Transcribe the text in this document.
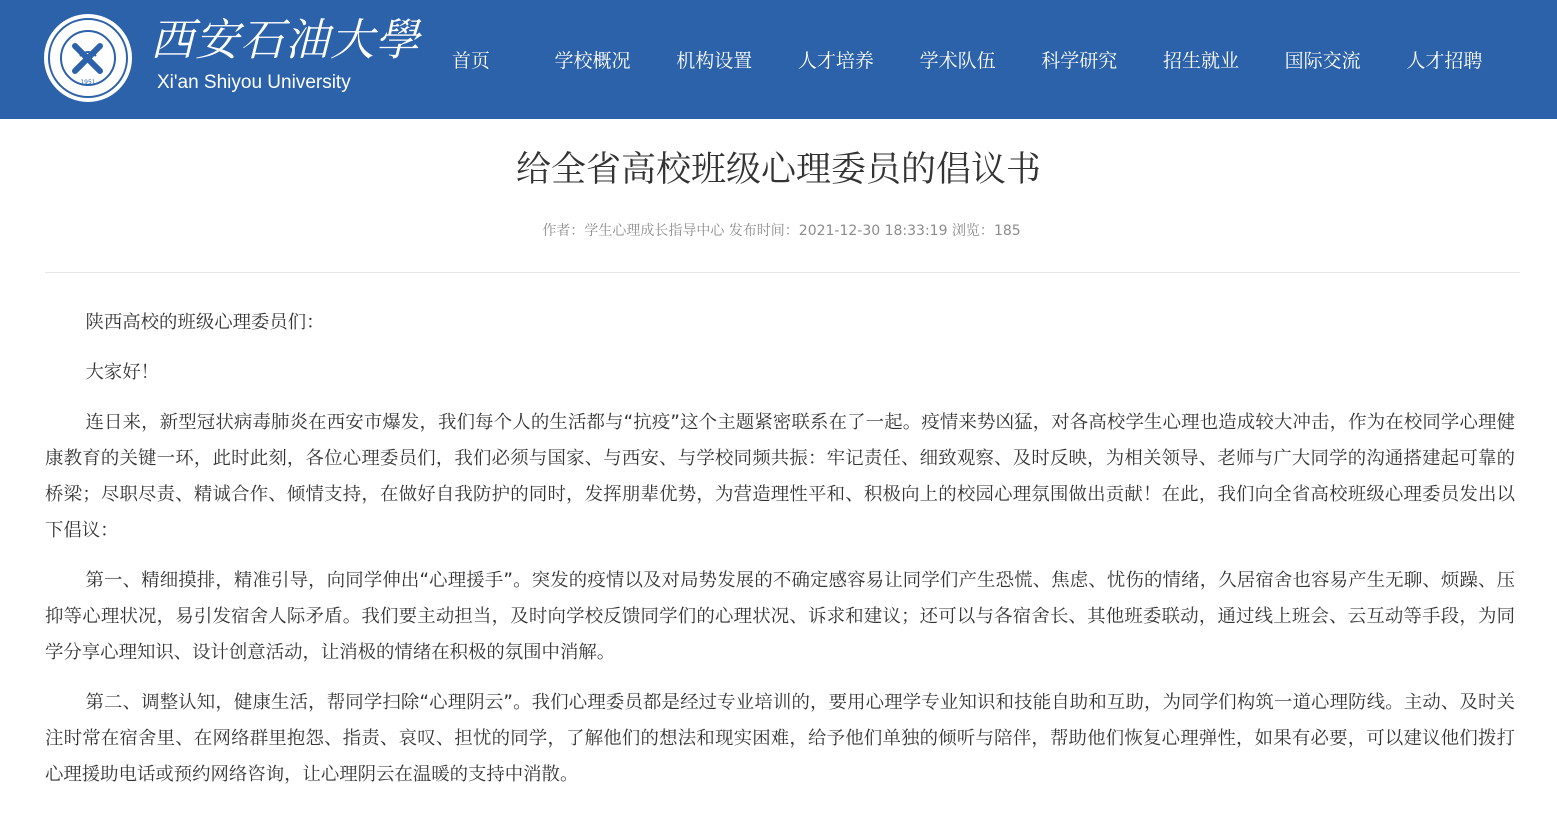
1951
西安石油大學
Xi'an Shiyou University
首页	学校概况	机构设置	人才培养	学术队伍	科学研究	招生就业	国际交流	人才招聘
给全省高校班级心理委员的倡议书
作者：学生心理成长指导中心 发布时间：2021-12-30 18:33:19 浏览：185

陕西高校的班级心理委员们：

大家好！

连日来，新型冠状病毒肺炎在西安市爆发，我们每个人的生活都与“抗疫”这个主题紧密联系在了一起。疫情来势凶猛，对各高校学生心理也造成较大冲击，作为在校同学心理健康教育的关键一环，此时此刻，各位心理委员们，我们必须与国家、与西安、与学校同频共振：牢记责任、细致观察、及时反映，为相关领导、老师与广大同学的沟通搭建起可靠的桥梁；尽职尽责、精诚合作、倾情支持，在做好自我防护的同时，发挥朋辈优势，为营造理性平和、积极向上的校园心理氛围做出贡献！在此，我们向全省高校班级心理委员发出以下倡议：

第一、精细摸排，精准引导，向同学伸出“心理援手”。突发的疫情以及对局势发展的不确定感容易让同学们产生恐慌、焦虑、忧伤的情绪，久居宿舍也容易产生无聊、烦躁、压抑等心理状况，易引发宿舍人际矛盾。我们要主动担当，及时向学校反馈同学们的心理状况、诉求和建议；还可以与各宿舍长、其他班委联动，通过线上班会、云互动等手段，为同学分享心理知识、设计创意活动，让消极的情绪在积极的氛围中消解。

第二、调整认知，健康生活，帮同学扫除“心理阴云”。我们心理委员都是经过专业培训的，要用心理学专业知识和技能自助和互助，为同学们构筑一道心理防线。主动、及时关注时常在宿舍里、在网络群里抱怨、指责、哀叹、担忧的同学，了解他们的想法和现实困难，给予他们单独的倾听与陪伴，帮助他们恢复心理弹性，如果有必要，可以建议他们拨打心理援助电话或预约网络咨询，让心理阴云在温暖的支持中消散。
